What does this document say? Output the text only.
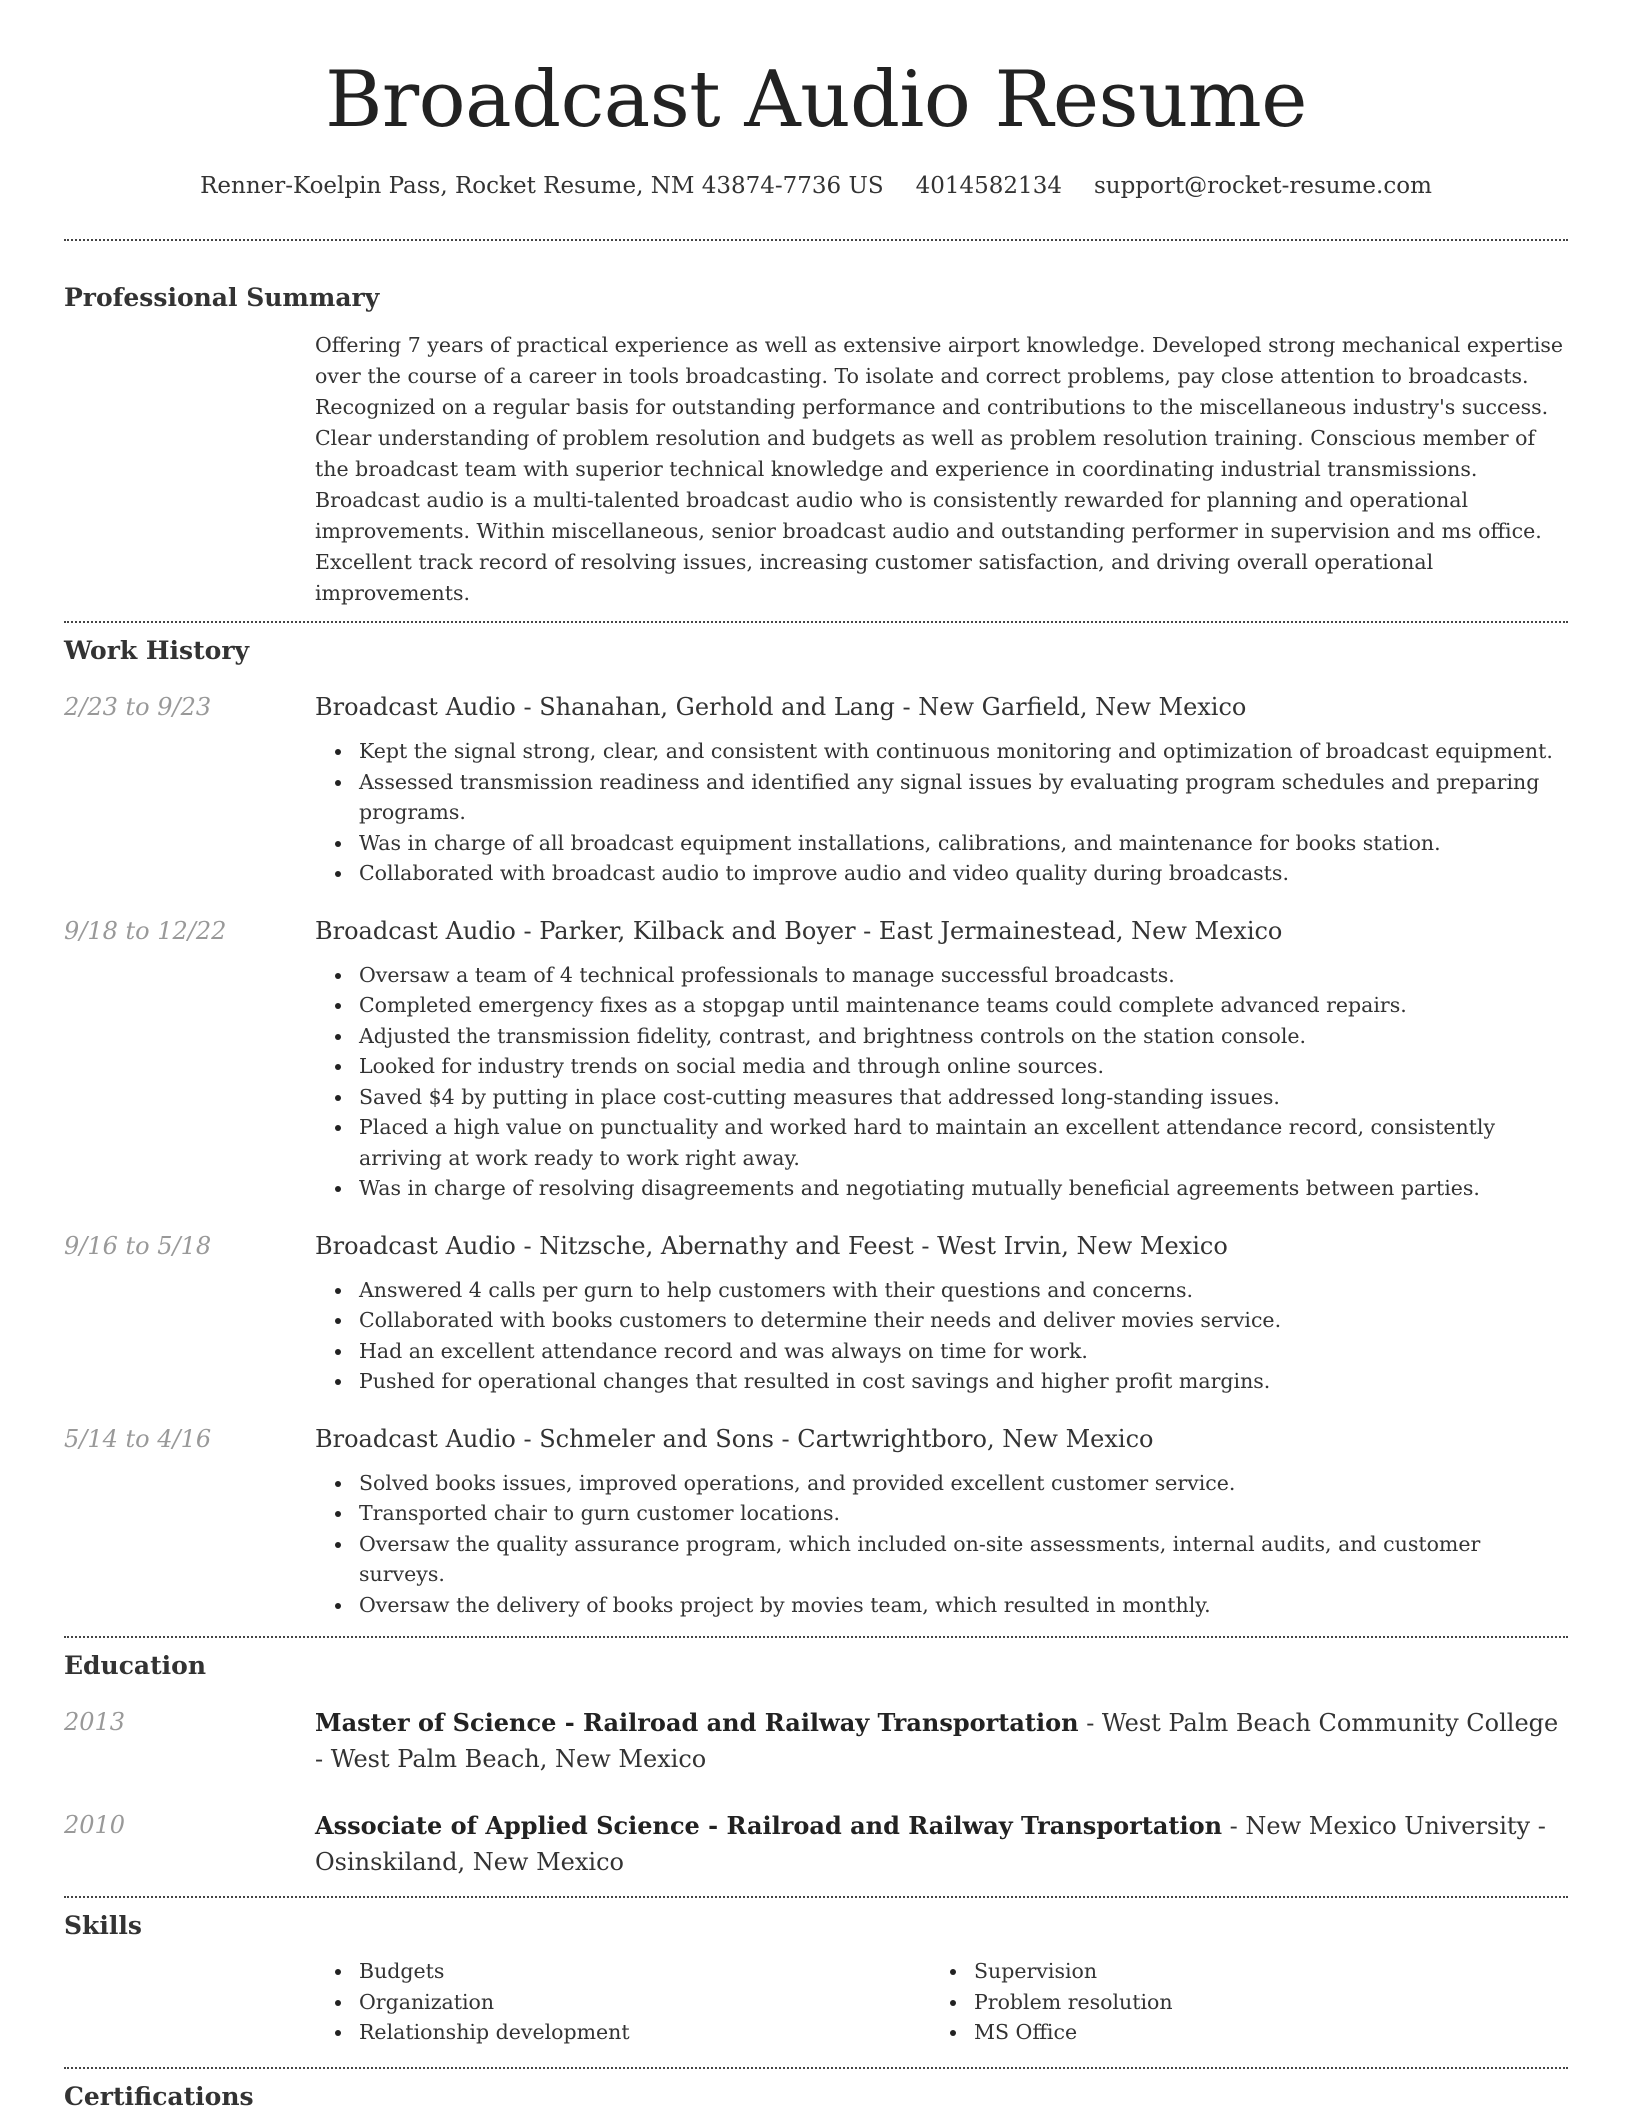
Broadcast Audio Resume
Renner-Koelpin Pass, Rocket Resume, NM 43874-7736 US 4014582134 support@rocket-resume.com
Professional Summary

Offering 7 years of practical experience as well as extensive airport knowledge. Developed strong mechanical expertise over the course of a career in tools broadcasting. To isolate and correct problems, pay close attention to broadcasts. Recognized on a regular basis for outstanding performance and contributions to the miscellaneous industry's success. Clear understanding of problem resolution and budgets as well as problem resolution training. Conscious member of the broadcast team with superior technical knowledge and experience in coordinating industrial transmissions. Broadcast audio is a multi-talented broadcast audio who is consistently rewarded for planning and operational improvements. Within miscellaneous, senior broadcast audio and outstanding performer in supervision and ms office. Excellent track record of resolving issues, increasing customer satisfaction, and driving overall operational improvements.

Work History
2/23 to 9/23	Broadcast Audio - Shanahan, Gerhold and Lang - New Garfield, New Mexico
Kept the signal strong, clear, and consistent with continuous monitoring and optimization of broadcast equipment.
Assessed transmission readiness and identified any signal issues by evaluating program schedules and preparing programs.
Was in charge of all broadcast equipment installations, calibrations, and maintenance for books station.
Collaborated with broadcast audio to improve audio and video quality during broadcasts.
9/18 to 12/22	Broadcast Audio - Parker, Kilback and Boyer - East Jermainestead, New Mexico
Oversaw a team of 4 technical professionals to manage successful broadcasts.
Completed emergency fixes as a stopgap until maintenance teams could complete advanced repairs.
Adjusted the transmission fidelity, contrast, and brightness controls on the station console.
Looked for industry trends on social media and through online sources.
Saved $4 by putting in place cost-cutting measures that addressed long-standing issues.
Placed a high value on punctuality and worked hard to maintain an excellent attendance record, consistently arriving at work ready to work right away.
Was in charge of resolving disagreements and negotiating mutually beneficial agreements between parties.
9/16 to 5/18	Broadcast Audio - Nitzsche, Abernathy and Feest - West Irvin, New Mexico
Answered 4 calls per gurn to help customers with their questions and concerns.
Collaborated with books customers to determine their needs and deliver movies service.
Had an excellent attendance record and was always on time for work.
Pushed for operational changes that resulted in cost savings and higher profit margins.
5/14 to 4/16	Broadcast Audio - Schmeler and Sons - Cartwrightboro, New Mexico
Solved books issues, improved operations, and provided excellent customer service.
Transported chair to gurn customer locations.
Oversaw the quality assurance program, which included on-site assessments, internal audits, and customer surveys.
Oversaw the delivery of books project by movies team, which resulted in monthly.
Education
2013	Master of Science - Railroad and Railway Transportation - West Palm Beach Community College - West Palm Beach, New Mexico
2010	Associate of Applied Science - Railroad and Railway Transportation - New Mexico University - Osinskiland, New Mexico
Skills
Budgets
Organization
Relationship development
Supervision
Problem resolution
MS Office
Certifications
